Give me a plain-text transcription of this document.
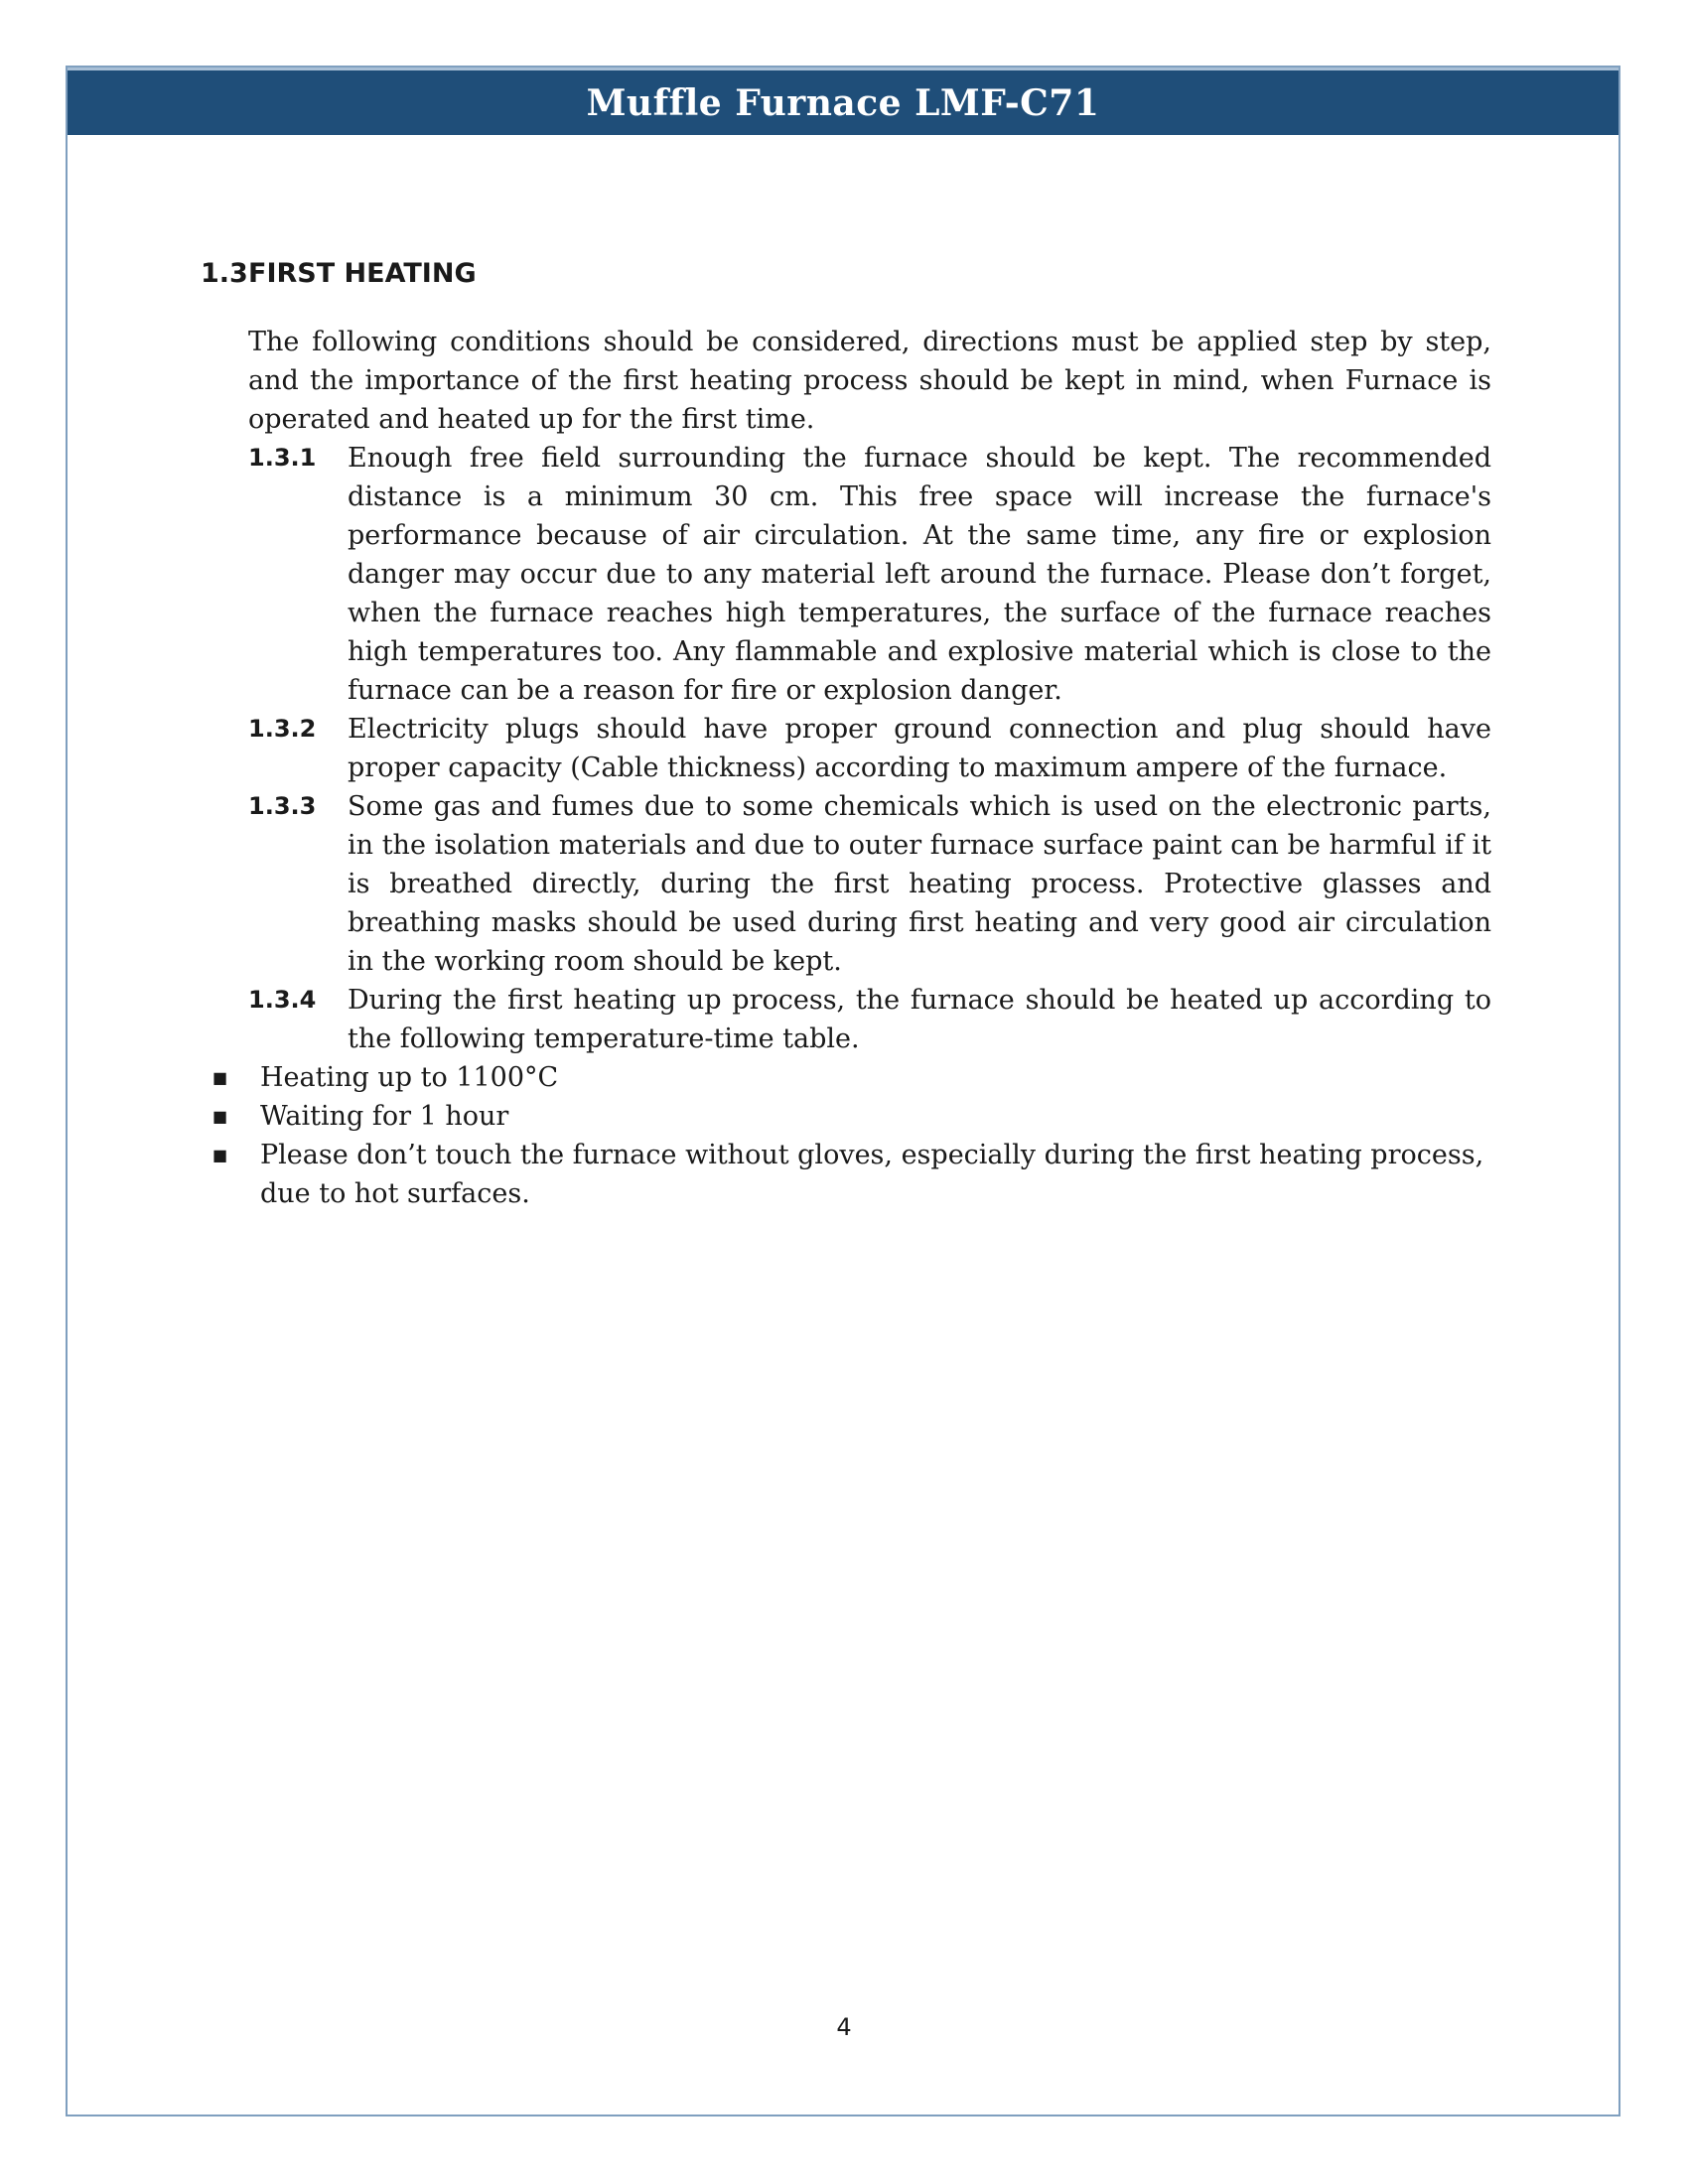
Muffle Furnace LMF-C71
1.3 FIRST HEATING

The following conditions should be considered, directions must be applied step by step, and the importance of the first heating process should be kept in mind, when Furnace is operated and heated up for the first time.

1.3.1	Enough free field surrounding the furnace should be kept. The recommended distance is a minimum 30 cm. This free space will increase the furnace's performance because of air circulation. At the same time, any fire or explosion danger may occur due to any material left around the furnace. Please don’t forget, when the furnace reaches high temperatures, the surface of the furnace reaches high temperatures too. Any flammable and explosive material which is close to the furnace can be a reason for fire or explosion danger.
1.3.2	Electricity plugs should have proper ground connection and plug should have proper capacity (Cable thickness) according to maximum ampere of the furnace.
1.3.3	Some gas and fumes due to some chemicals which is used on the electronic parts, in the isolation materials and due to outer furnace surface paint can be harmful if it is breathed directly, during the first heating process. Protective glasses and breathing masks should be used during first heating and very good air circulation in the working room should be kept.
1.3.4	During the first heating up process, the furnace should be heated up according to the following temperature-time table.
■	Heating up to 1100°C
■	Waiting for 1 hour
■	Please don’t touch the furnace without gloves, especially during the first heating process, due to hot surfaces.
4
